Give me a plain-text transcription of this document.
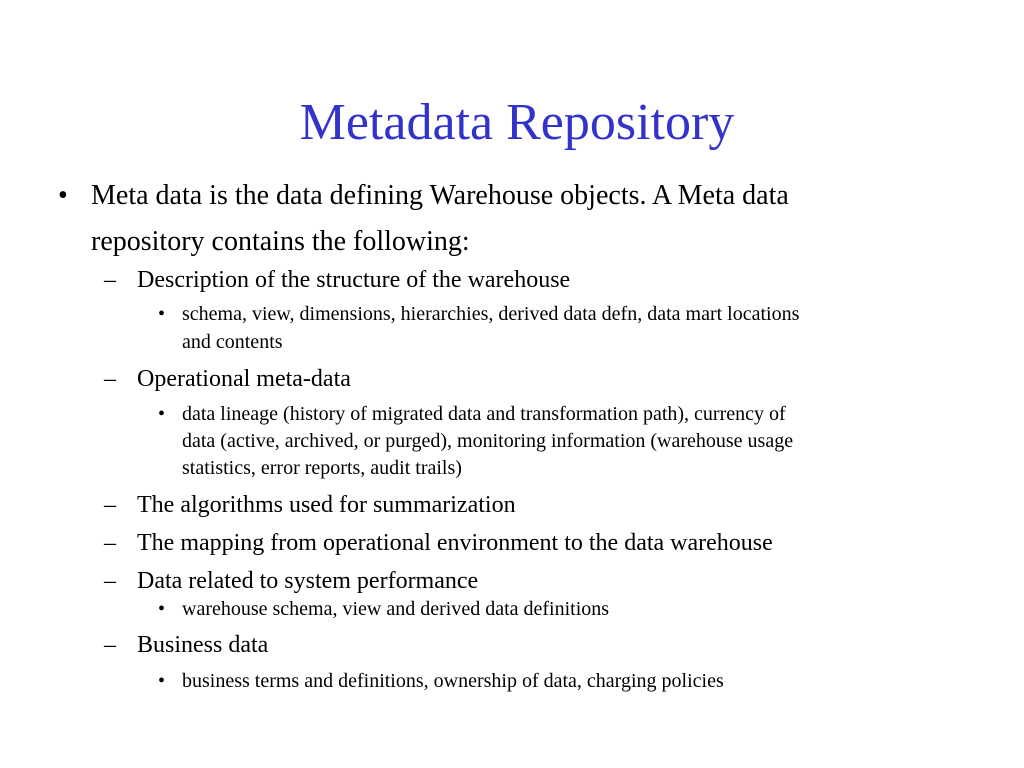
Metadata Repository
• Meta data is the data defining Warehouse objects. A Meta data
repository contains the following:
– Description of the structure of the warehouse
• schema, view, dimensions, hierarchies, derived data defn, data mart locations
and contents
– Operational meta-data
• data lineage (history of migrated data and transformation path), currency of
data (active, archived, or purged), monitoring information (warehouse usage
statistics, error reports, audit trails)
– The algorithms used for summarization
– The mapping from operational environment to the data warehouse
– Data related to system performance
• warehouse schema, view and derived data definitions
– Business data
• business terms and definitions, ownership of data, charging policies
